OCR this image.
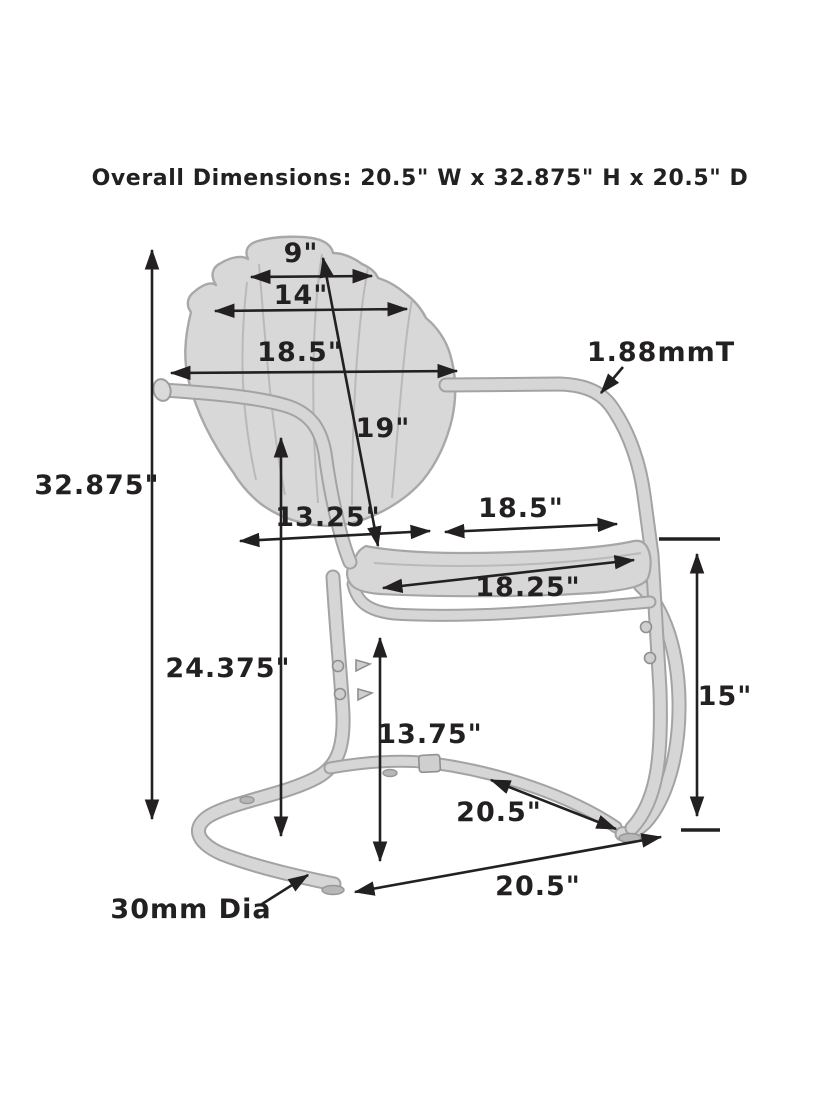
Overall Dimensions: 20.5" W x 32.875" H x 20.5" D
9"
14"
18.5"
19"
1.88mmT
32.875"
13.25"	18.5"
18.25"
24.375"
13.75"
15"
20.5"
20.5"
30mm Dia
